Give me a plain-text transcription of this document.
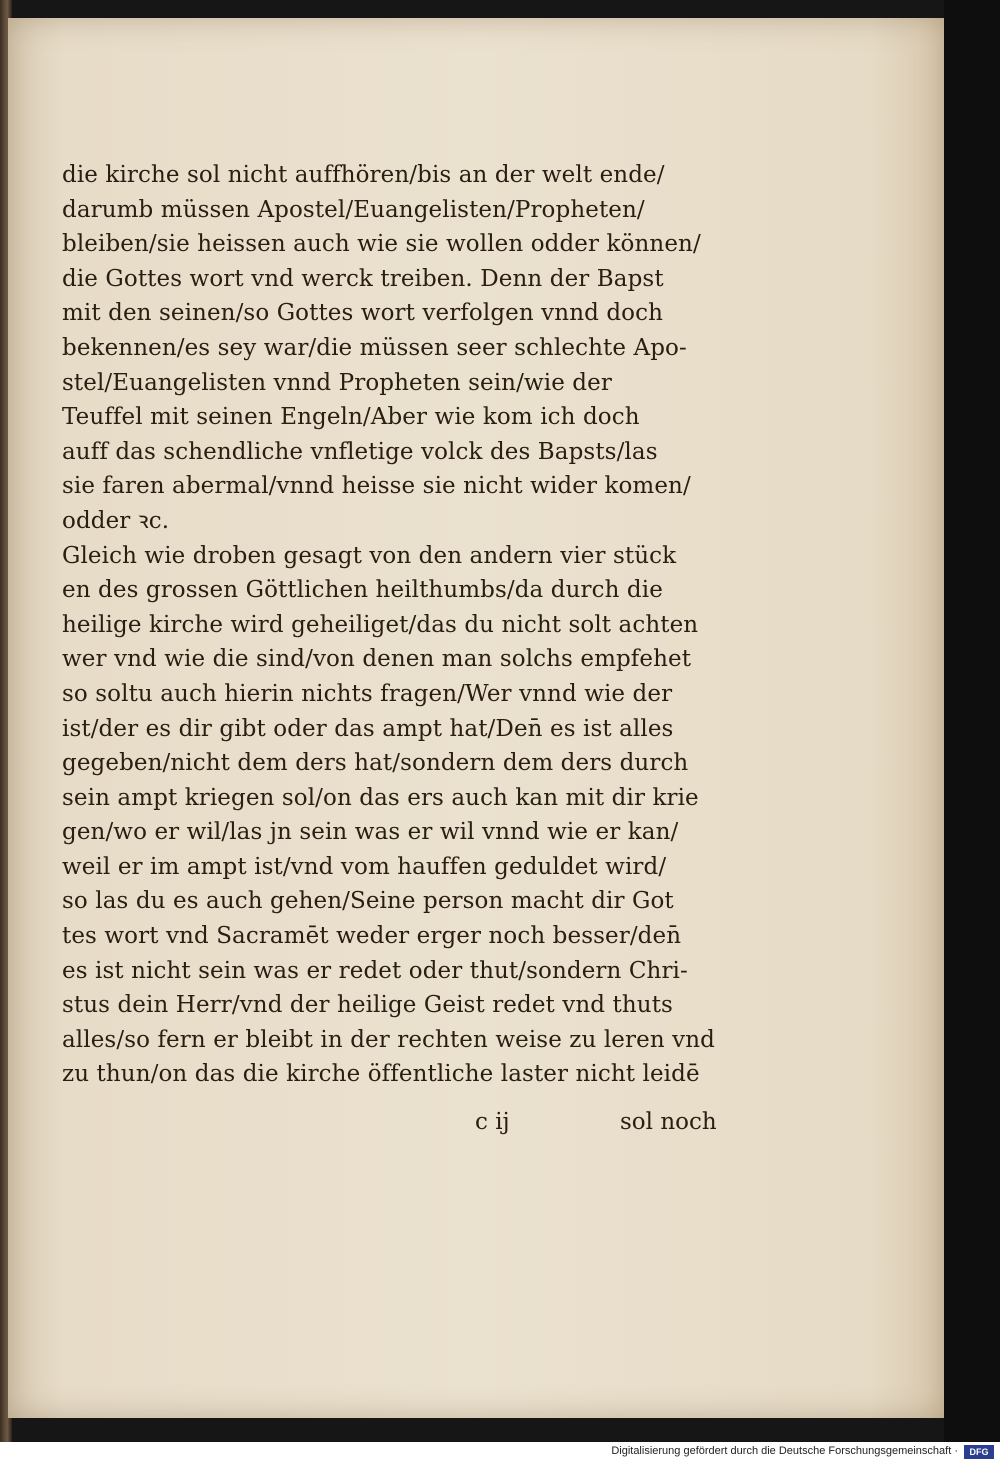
die kirche sol nicht auffhören/bis an der welt ende/
darumb müssen Apostel/Euangelisten/Propheten/
bleiben/sie heissen auch wie sie wollen odder können/
die Gottes wort vnd werck treiben. Denn der Bapst
mit den seinen/so Gottes wort verfolgen vnnd doch
bekennen/es sey war/die müssen seer schlechte Apo-
stel/Euangelisten vnnd Propheten sein/wie der
Teuffel mit seinen Engeln/Aber wie kom ich doch
auff das schendliche vnfletige volck des Bapsts/las
sie faren abermal/vnnd heisse sie nicht wider komen/
odder ꝛc.
Gleich wie droben gesagt von den andern vier stück
en des grossen Göttlichen heilthumbs/da durch die
heilige kirche wird geheiliget/das du nicht solt achten
wer vnd wie die sind/von denen man solchs empfehet
so soltu auch hierin nichts fragen/Wer vnnd wie der
ist/der es dir gibt oder das ampt hat/Den̄ es ist alles
gegeben/nicht dem ders hat/sondern dem ders durch
sein ampt kriegen sol/on das ers auch kan mit dir krie
gen/wo er wil/las jn sein was er wil vnnd wie er kan/
weil er im ampt ist/vnd vom hauffen geduldet wird/
so las du es auch gehen/Seine person macht dir Got
tes wort vnd Sacramēt weder erger noch besser/den̄
es ist nicht sein was er redet oder thut/sondern Chri-
stus dein Herr/vnd der heilige Geist redet vnd thuts
alles/so fern er bleibt in der rechten weise zu leren vnd
zu thun/on das die kirche öffentliche laster nicht leidē
c ij	sol noch
Digitalisierung gefördert durch die Deutsche Forschungsgemeinschaft ·	DFG
